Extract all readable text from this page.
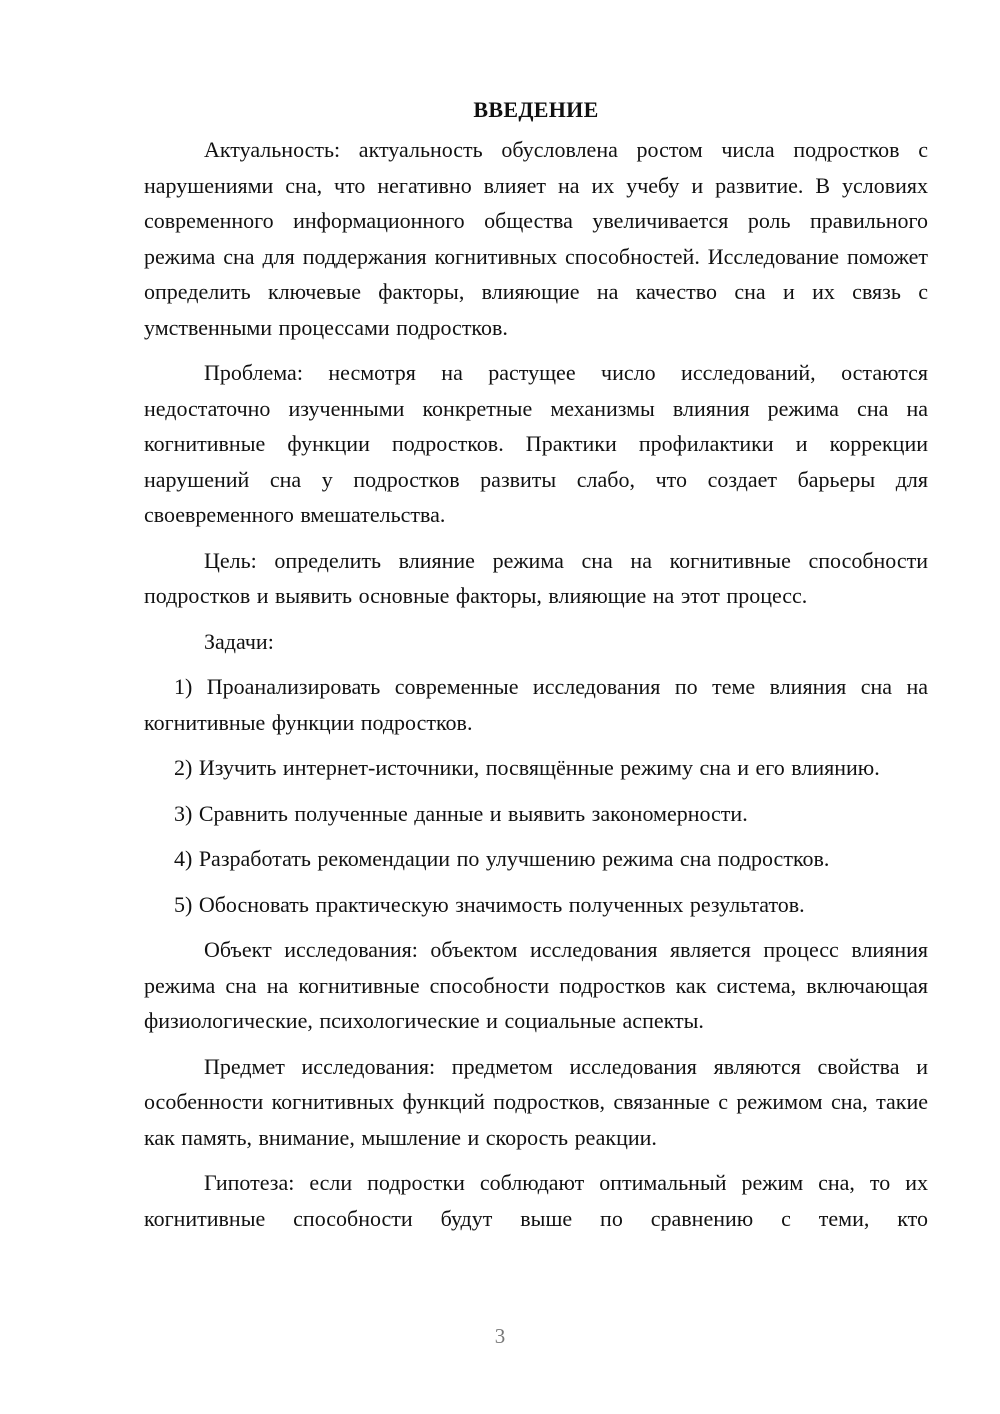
ВВЕДЕНИЕ

Актуальность: актуальность обусловлена ростом числа подростков с нарушениями сна, что негативно влияет на их учебу и развитие. В условиях современного информационного общества увеличивается роль правильного режима сна для поддержания когнитивных способностей. Исследование поможет определить ключевые факторы, влияющие на качество сна и их связь с умственными процессами подростков.

Проблема: несмотря на растущее число исследований, остаются недостаточно изученными конкретные механизмы влияния режима сна на когнитивные функции подростков. Практики профилактики и коррекции нарушений сна у подростков развиты слабо, что создает барьеры для своевременного вмешательства.

Цель: определить влияние режима сна на когнитивные способности подростков и выявить основные факторы, влияющие на этот процесс.

Задачи:

1) Проанализировать современные исследования по теме влияния сна на когнитивные функции подростков.

2) Изучить интернет-источники, посвящённые режиму сна и его влиянию.

3) Сравнить полученные данные и выявить закономерности.

4) Разработать рекомендации по улучшению режима сна подростков.

5) Обосновать практическую значимость полученных результатов.

Объект исследования: объектом исследования является процесс влияния режима сна на когнитивные способности подростков как система, включающая физиологические, психологические и социальные аспекты.

Предмет исследования: предметом исследования являются свойства и особенности когнитивных функций подростков, связанные с режимом сна, такие как память, внимание, мышление и скорость реакции.

Гипотеза: если подростки соблюдают оптимальный режим сна, то их когнитивные способности будут выше по сравнению с теми, кто

3
